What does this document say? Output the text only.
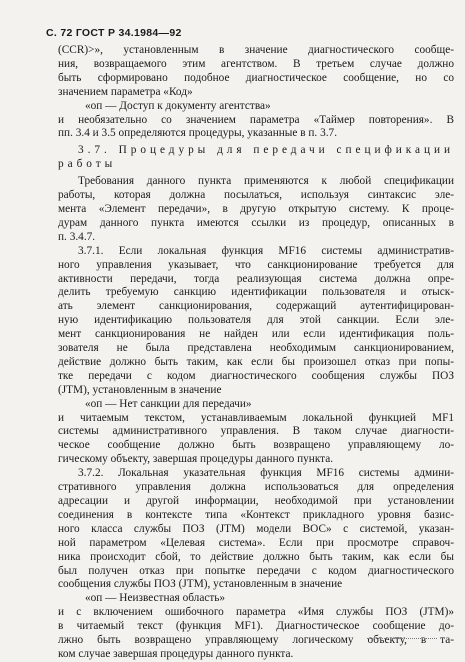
С. 72 ГОСТ Р 34.1984—92
(CCR)>», установленным в значение диагностического сообще-
ния, возвращаемого этим агентством. В третьем случае должно
быть сформировано подобное диагностическое сообщение, но со
значением параметра «Код»
«оп — Доступ к документу агентства»
и необязательно со значением параметра «Таймер повторения». В
пп. 3.4 и 3.5 определяются процедуры, указанные в п. 3.7.
3.7. Процедуры для передачи спецификации
работы
Требования данного пункта применяются к любой спецификации
работы, которая должна посылаться, используя синтаксис эле-
мента «Элемент передачи», в другую открытую систему. К проце-
дурам данного пункта имеются ссылки из процедур, описанных в
п. 3.4.7.
3.7.1. Если локальная функция MF16 системы административ-
ного управления указывает, что санкционирование требуется для
активности передачи, тогда реализующая система должна опре-
делить требуемую санкцию идентификации пользователя и отыск-
ать элемент санкционирования, содержащий аутентифицирован-
ную идентификацию пользователя для этой санкции. Если эле-
мент санкционирования не найден или если идентификация поль-
зователя не была представлена необходимым санкционированием,
действие должно быть таким, как если бы произошел отказ при попы-
тке передачи с кодом диагностического сообщения службы ПОЗ
(JTM), установленным в значение
«оп — Нет санкции для передачи»
и читаемым текстом, устанавливаемым локальной функцией MF1
системы административного управления. В таком случае диагности-
ческое сообщение должно быть возвращено управляющему ло-
гическому объекту, завершая процедуры данного пункта.
3.7.2. Локальная указательная функция MF16 системы админи-
стративного управления должна использоваться для определения
адресации и другой информации, необходимой при установлении
соединения в контексте типа «Контекст прикладного уровня базис-
ного класса службы ПОЗ (JTM) модели ВОС» с системой, указан-
ной параметром «Целевая система». Если при просмотре справоч-
ника происходит сбой, то действие должно быть таким, как если бы
был получен отказ при попытке передачи с кодом диагностического
сообщения службы ПОЗ (JTM), установленным в значение
«оп — Неизвестная область»
и с включением ошибочного параметра «Имя службы ПОЗ (JTM)»
в читаемый текст (функция MF1). Диагностическое сообщение до-
лжно быть возвращено управляющему логическому объекту, в та-
ком случае завершая процедуры данного пункта.
